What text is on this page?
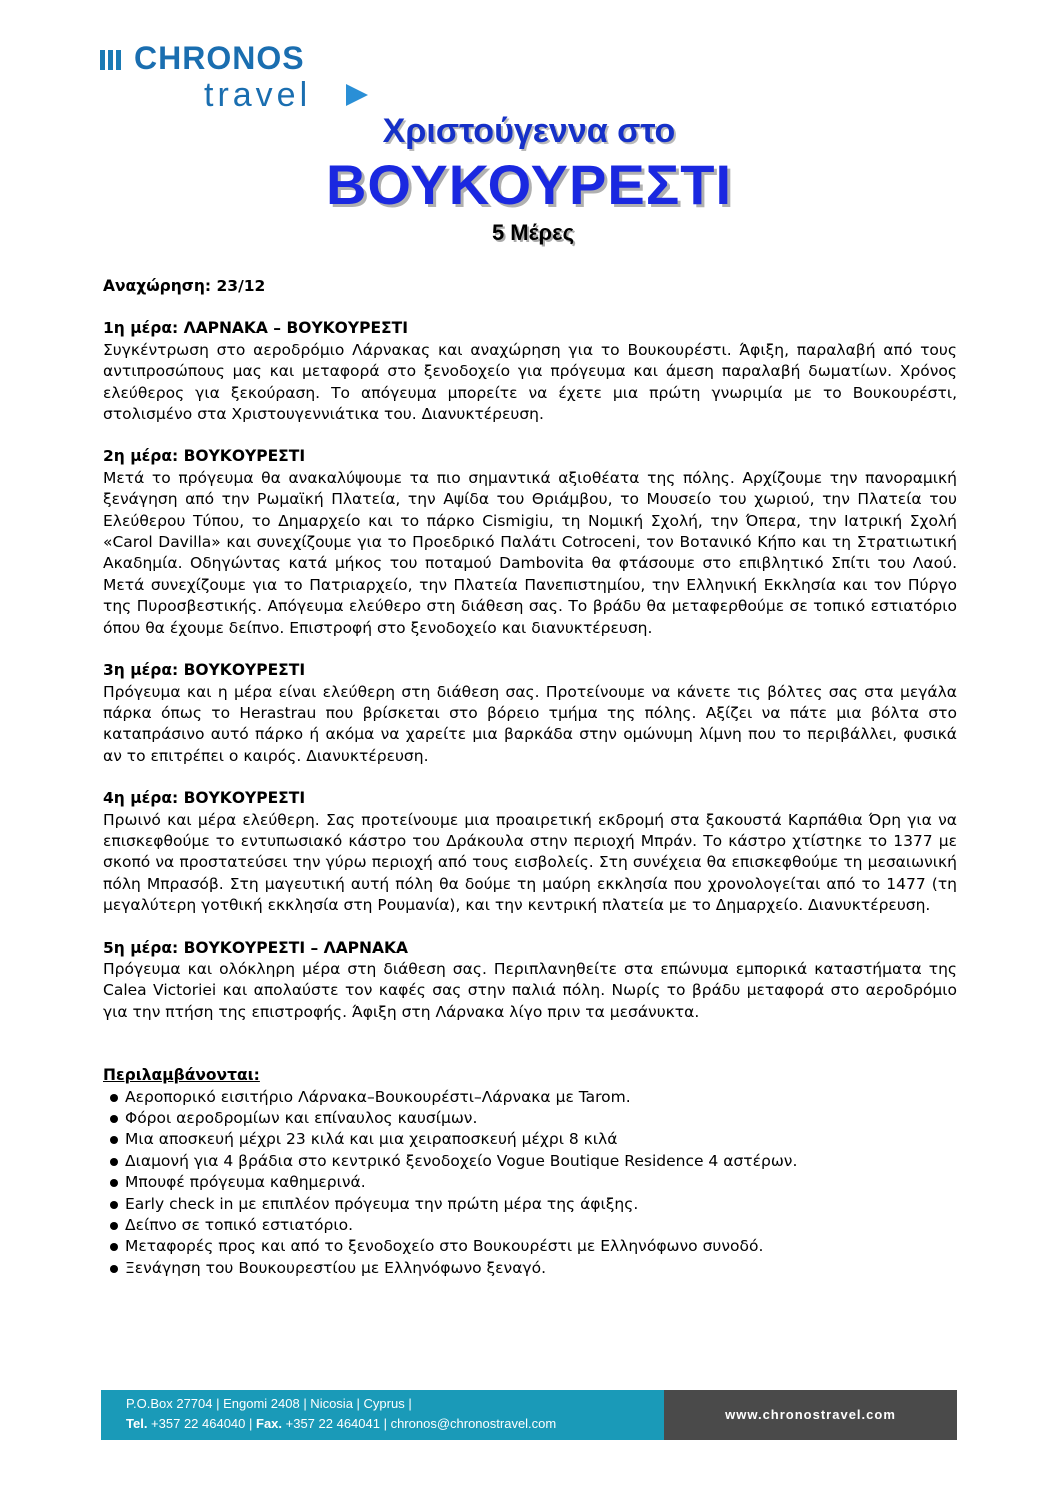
CHRONOS
travel
Χριστούγεννα στο
ΒΟΥΚΟΥΡΕΣΤΙ
5 Μέρες

Αναχώρηση: 23/12

1η μέρα: ΛΑΡΝΑΚΑ – ΒΟΥΚΟΥΡΕΣΤΙ

Συγκέντρωση στο αεροδρόμιο Λάρνακας και αναχώρηση για το Βουκουρέστι. Άφιξη, παραλαβή από τους αντιπροσώπους μας και μεταφορά στο ξενοδοχείο για πρόγευμα και άμεση παραλαβή δωματίων. Χρόνος ελεύθερος για ξεκούραση. Το απόγευμα μπορείτε να έχετε μια πρώτη γνωριμία με το Βουκουρέστι, στολισμένο στα Χριστουγεννιάτικα του. Διανυκτέρευση.

2η μέρα: ΒΟΥΚΟΥΡΕΣΤΙ

Μετά το πρόγευμα θα ανακαλύψουμε τα πιο σημαντικά αξιοθέατα της πόλης. Αρχίζουμε την πανοραμική ξενάγηση από την Ρωμαϊκή Πλατεία, την Αψίδα του Θριάμβου, το Μουσείο του χωριού, την Πλατεία του Ελεύθερου Τύπου, το Δημαρχείο και το πάρκο Cismigiu, τη Νομική Σχολή, την Όπερα, την Ιατρική Σχολή «Carol Davilla» και συνεχίζουμε για το Προεδρικό Παλάτι Cotroceni, τον Βοτανικό Κήπο και τη Στρατιωτική Ακαδημία. Οδηγώντας κατά μήκος του ποταμού Dambovita θα φτάσουμε στο επιβλητικό Σπίτι του Λαού. Μετά συνεχίζουμε για το Πατριαρχείο, την Πλατεία Πανεπιστημίου, την Ελληνική Εκκλησία και τον Πύργο της Πυροσβεστικής. Απόγευμα ελεύθερο στη διάθεση σας. Το βράδυ θα μεταφερθούμε σε τοπικό εστιατόριο όπου θα έχουμε δείπνο. Επιστροφή στο ξενοδοχείο και διανυκτέρευση.

3η μέρα: ΒΟΥΚΟΥΡΕΣΤΙ

Πρόγευμα και η μέρα είναι ελεύθερη στη διάθεση σας. Προτείνουμε να κάνετε τις βόλτες σας στα μεγάλα πάρκα όπως το Herastrau που βρίσκεται στο βόρειο τμήμα της πόλης. Αξίζει να πάτε μια βόλτα στο καταπράσινο αυτό πάρκο ή ακόμα να χαρείτε μια βαρκάδα στην ομώνυμη λίμνη που το περιβάλλει, φυσικά αν το επιτρέπει ο καιρός. Διανυκτέρευση.

4η μέρα: ΒΟΥΚΟΥΡΕΣΤΙ

Πρωινό και μέρα ελεύθερη. Σας προτείνουμε μια προαιρετική εκδρομή στα ξακουστά Καρπάθια Όρη για να επισκεφθούμε το εντυπωσιακό κάστρο του Δράκουλα στην περιοχή Μπράν. Το κάστρο χτίστηκε το 1377 με σκοπό να προστατεύσει την γύρω περιοχή από τους εισβολείς. Στη συνέχεια θα επισκεφθούμε τη μεσαιωνική πόλη Μπρασόβ. Στη μαγευτική αυτή πόλη θα δούμε τη μαύρη εκκλησία που χρονολογείται από το 1477 (τη μεγαλύτερη γοτθική εκκλησία στη Ρουμανία), και την κεντρική πλατεία με το Δημαρχείο. Διανυκτέρευση.

5η μέρα: ΒΟΥΚΟΥΡΕΣΤΙ – ΛΑΡΝΑΚΑ

Πρόγευμα και ολόκληρη μέρα στη διάθεση σας. Περιπλανηθείτε στα επώνυμα εμπορικά καταστήματα της Calea Victoriei και απολαύστε τον καφές σας στην παλιά πόλη. Νωρίς το βράδυ μεταφορά στο αεροδρόμιο για την πτήση της επιστροφής. Άφιξη στη Λάρνακα λίγο πριν τα μεσάνυκτα.

Περιλαμβάνονται:

Αεροπορικό εισιτήριο Λάρνακα–Βουκουρέστι–Λάρνακα με Tarom.
Φόροι αεροδρομίων και επίναυλος καυσίμων.
Μια αποσκευή μέχρι 23 κιλά και μια χειραποσκευή μέχρι 8 κιλά
Διαμονή για 4 βράδια στο κεντρικό ξενοδοχείο Vogue Boutique Residence 4 αστέρων.
Μπουφέ πρόγευμα καθημερινά.
Early check in με επιπλέον πρόγευμα την πρώτη μέρα της άφιξης.
Δείπνο σε τοπικό εστιατόριο.
Μεταφορές προς και από το ξενοδοχείο στο Βουκουρέστι με Ελληνόφωνο συνοδό.
Ξενάγηση του Βουκουρεστίου με Ελληνόφωνο ξεναγό.
P.O.Box 27704 | Engomi 2408 | Nicosia | Cyprus |
Tel. +357 22 464040 | Fax. +357 22 464041 | chronos@chronostravel.com
www.chronostravel.com
